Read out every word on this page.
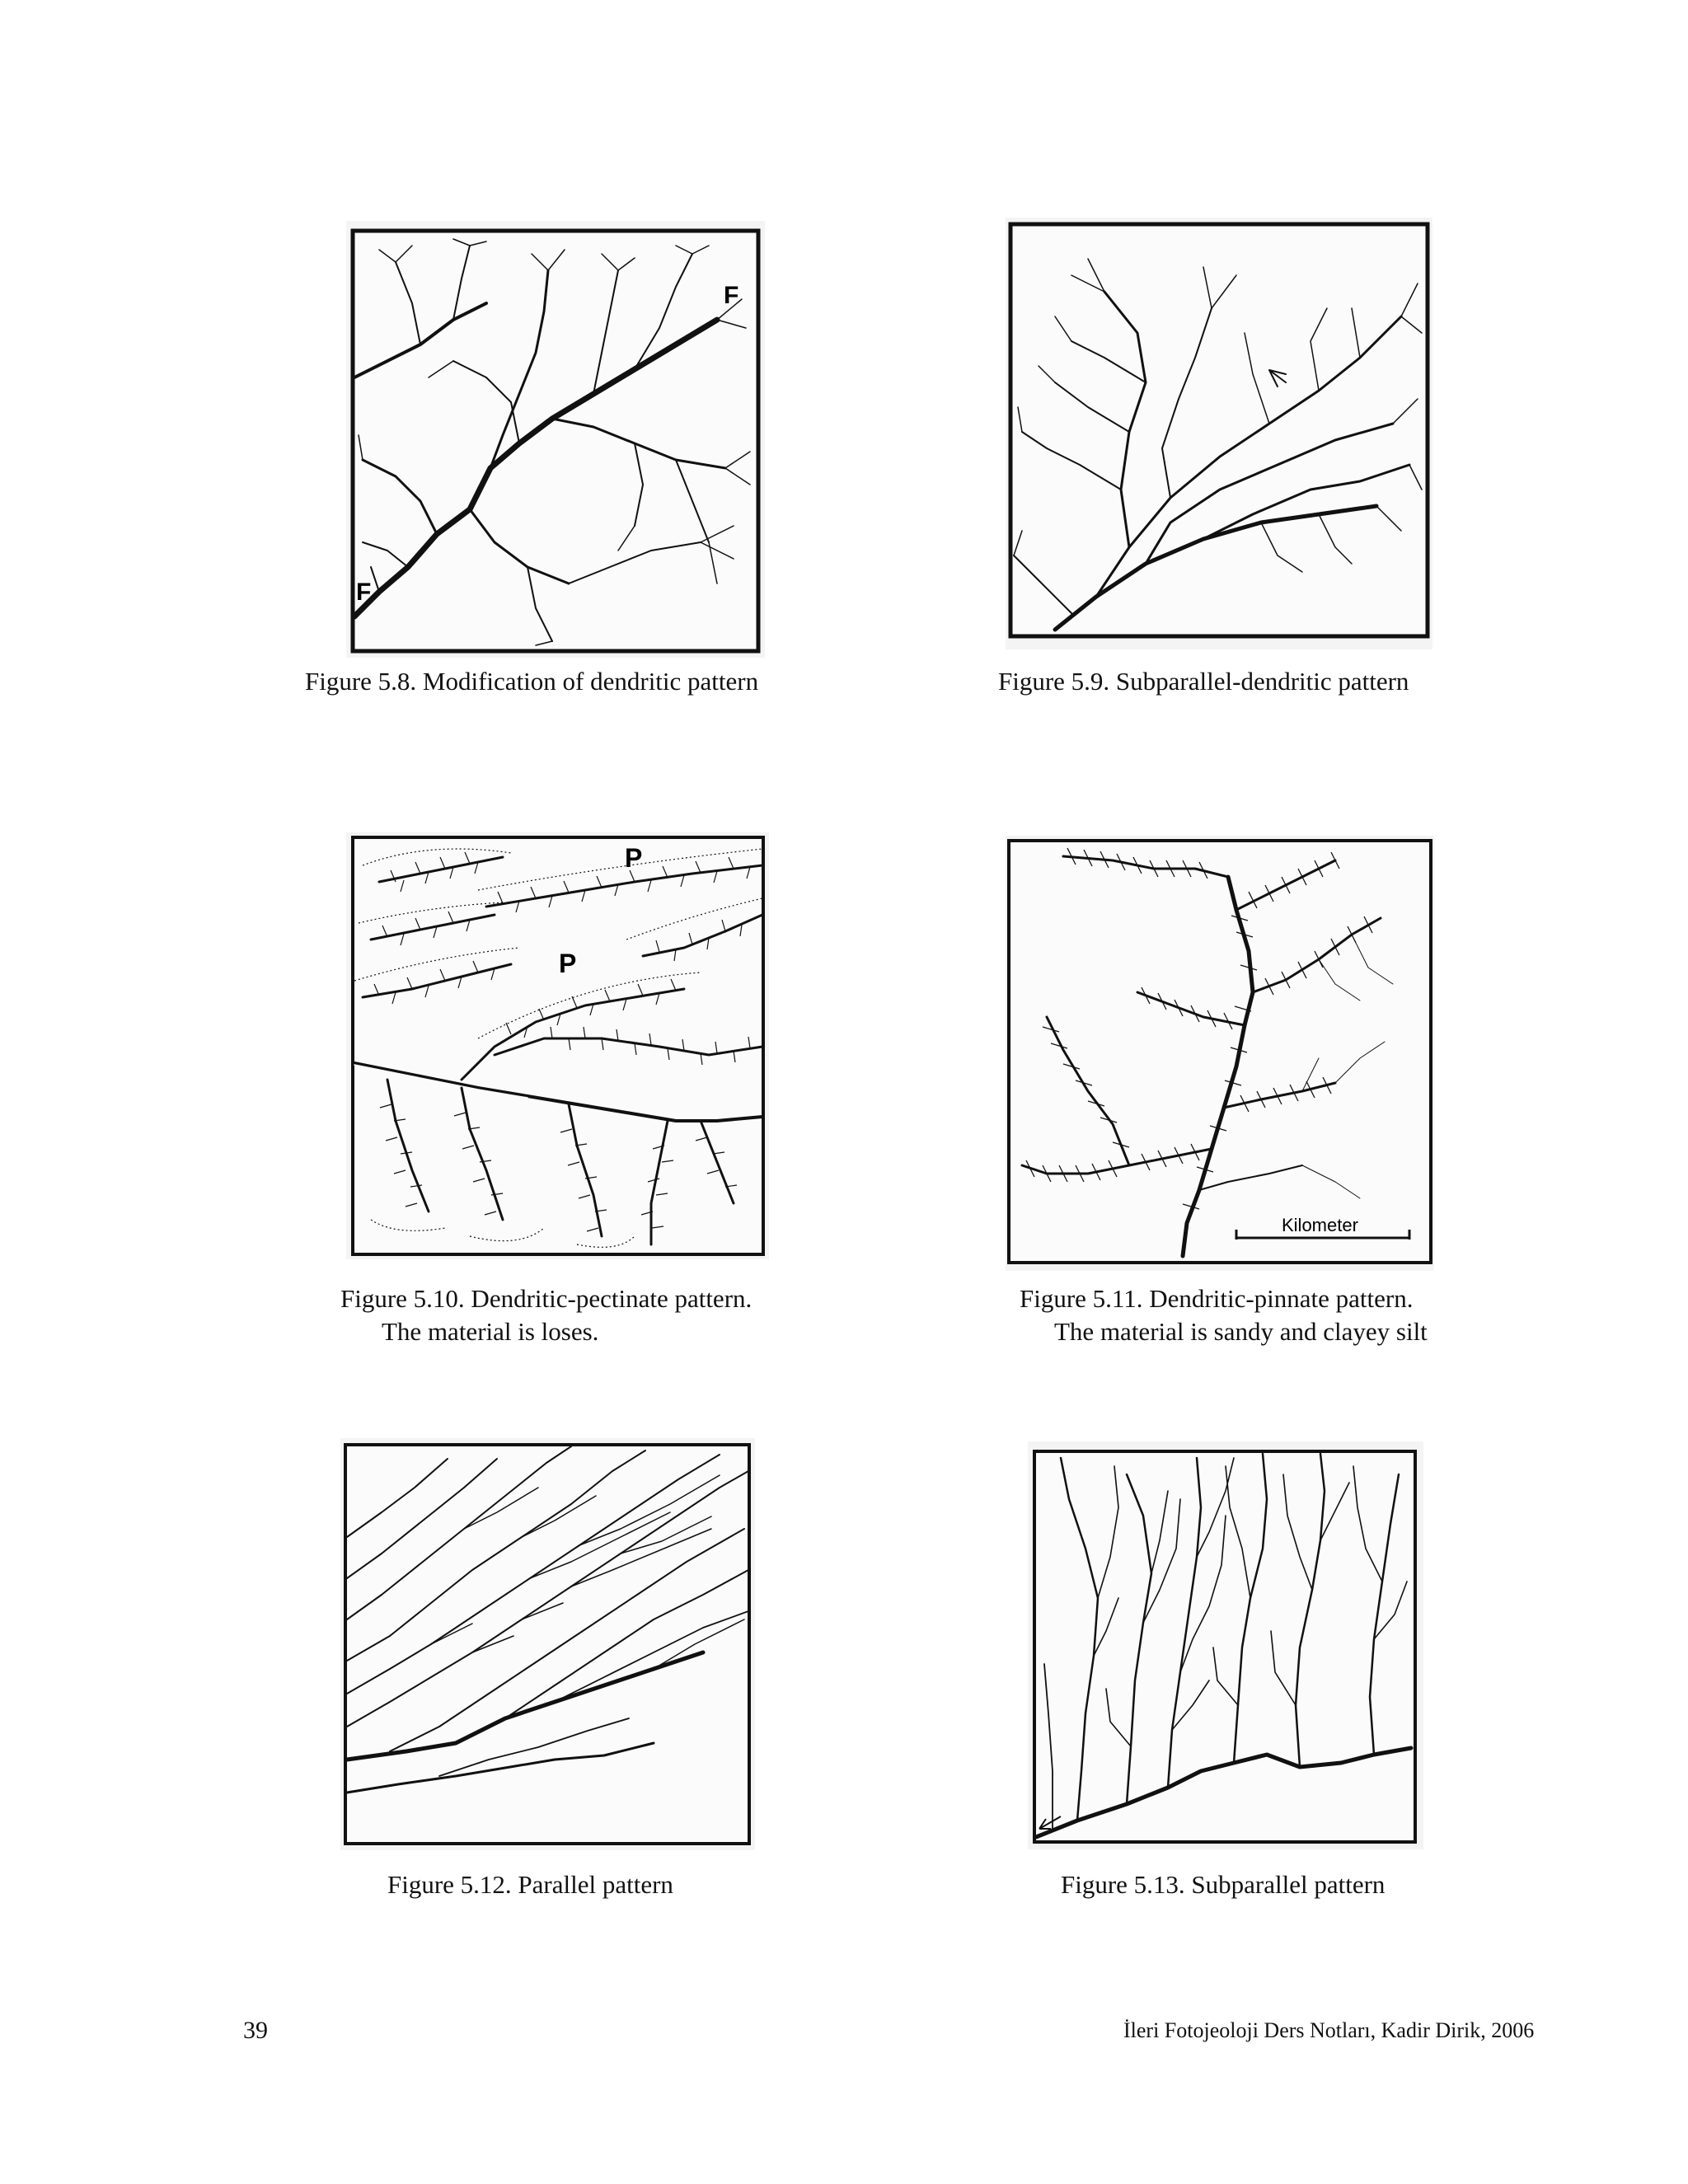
F
F
Figure 5.8. Modification of dendritic pattern	Figure 5.9. Subparallel-dendritic pattern
P
P
Figure 5.10. Dendritic-pectinate pattern.
The material is loses.
Kilometer
Figure 5.11. Dendritic-pinnate pattern.
The material is sandy and clayey silt
Figure 5.12. Parallel pattern	Figure 5.13. Subparallel pattern
39	İleri Fotojeoloji Ders Notları, Kadir Dirik, 2006
